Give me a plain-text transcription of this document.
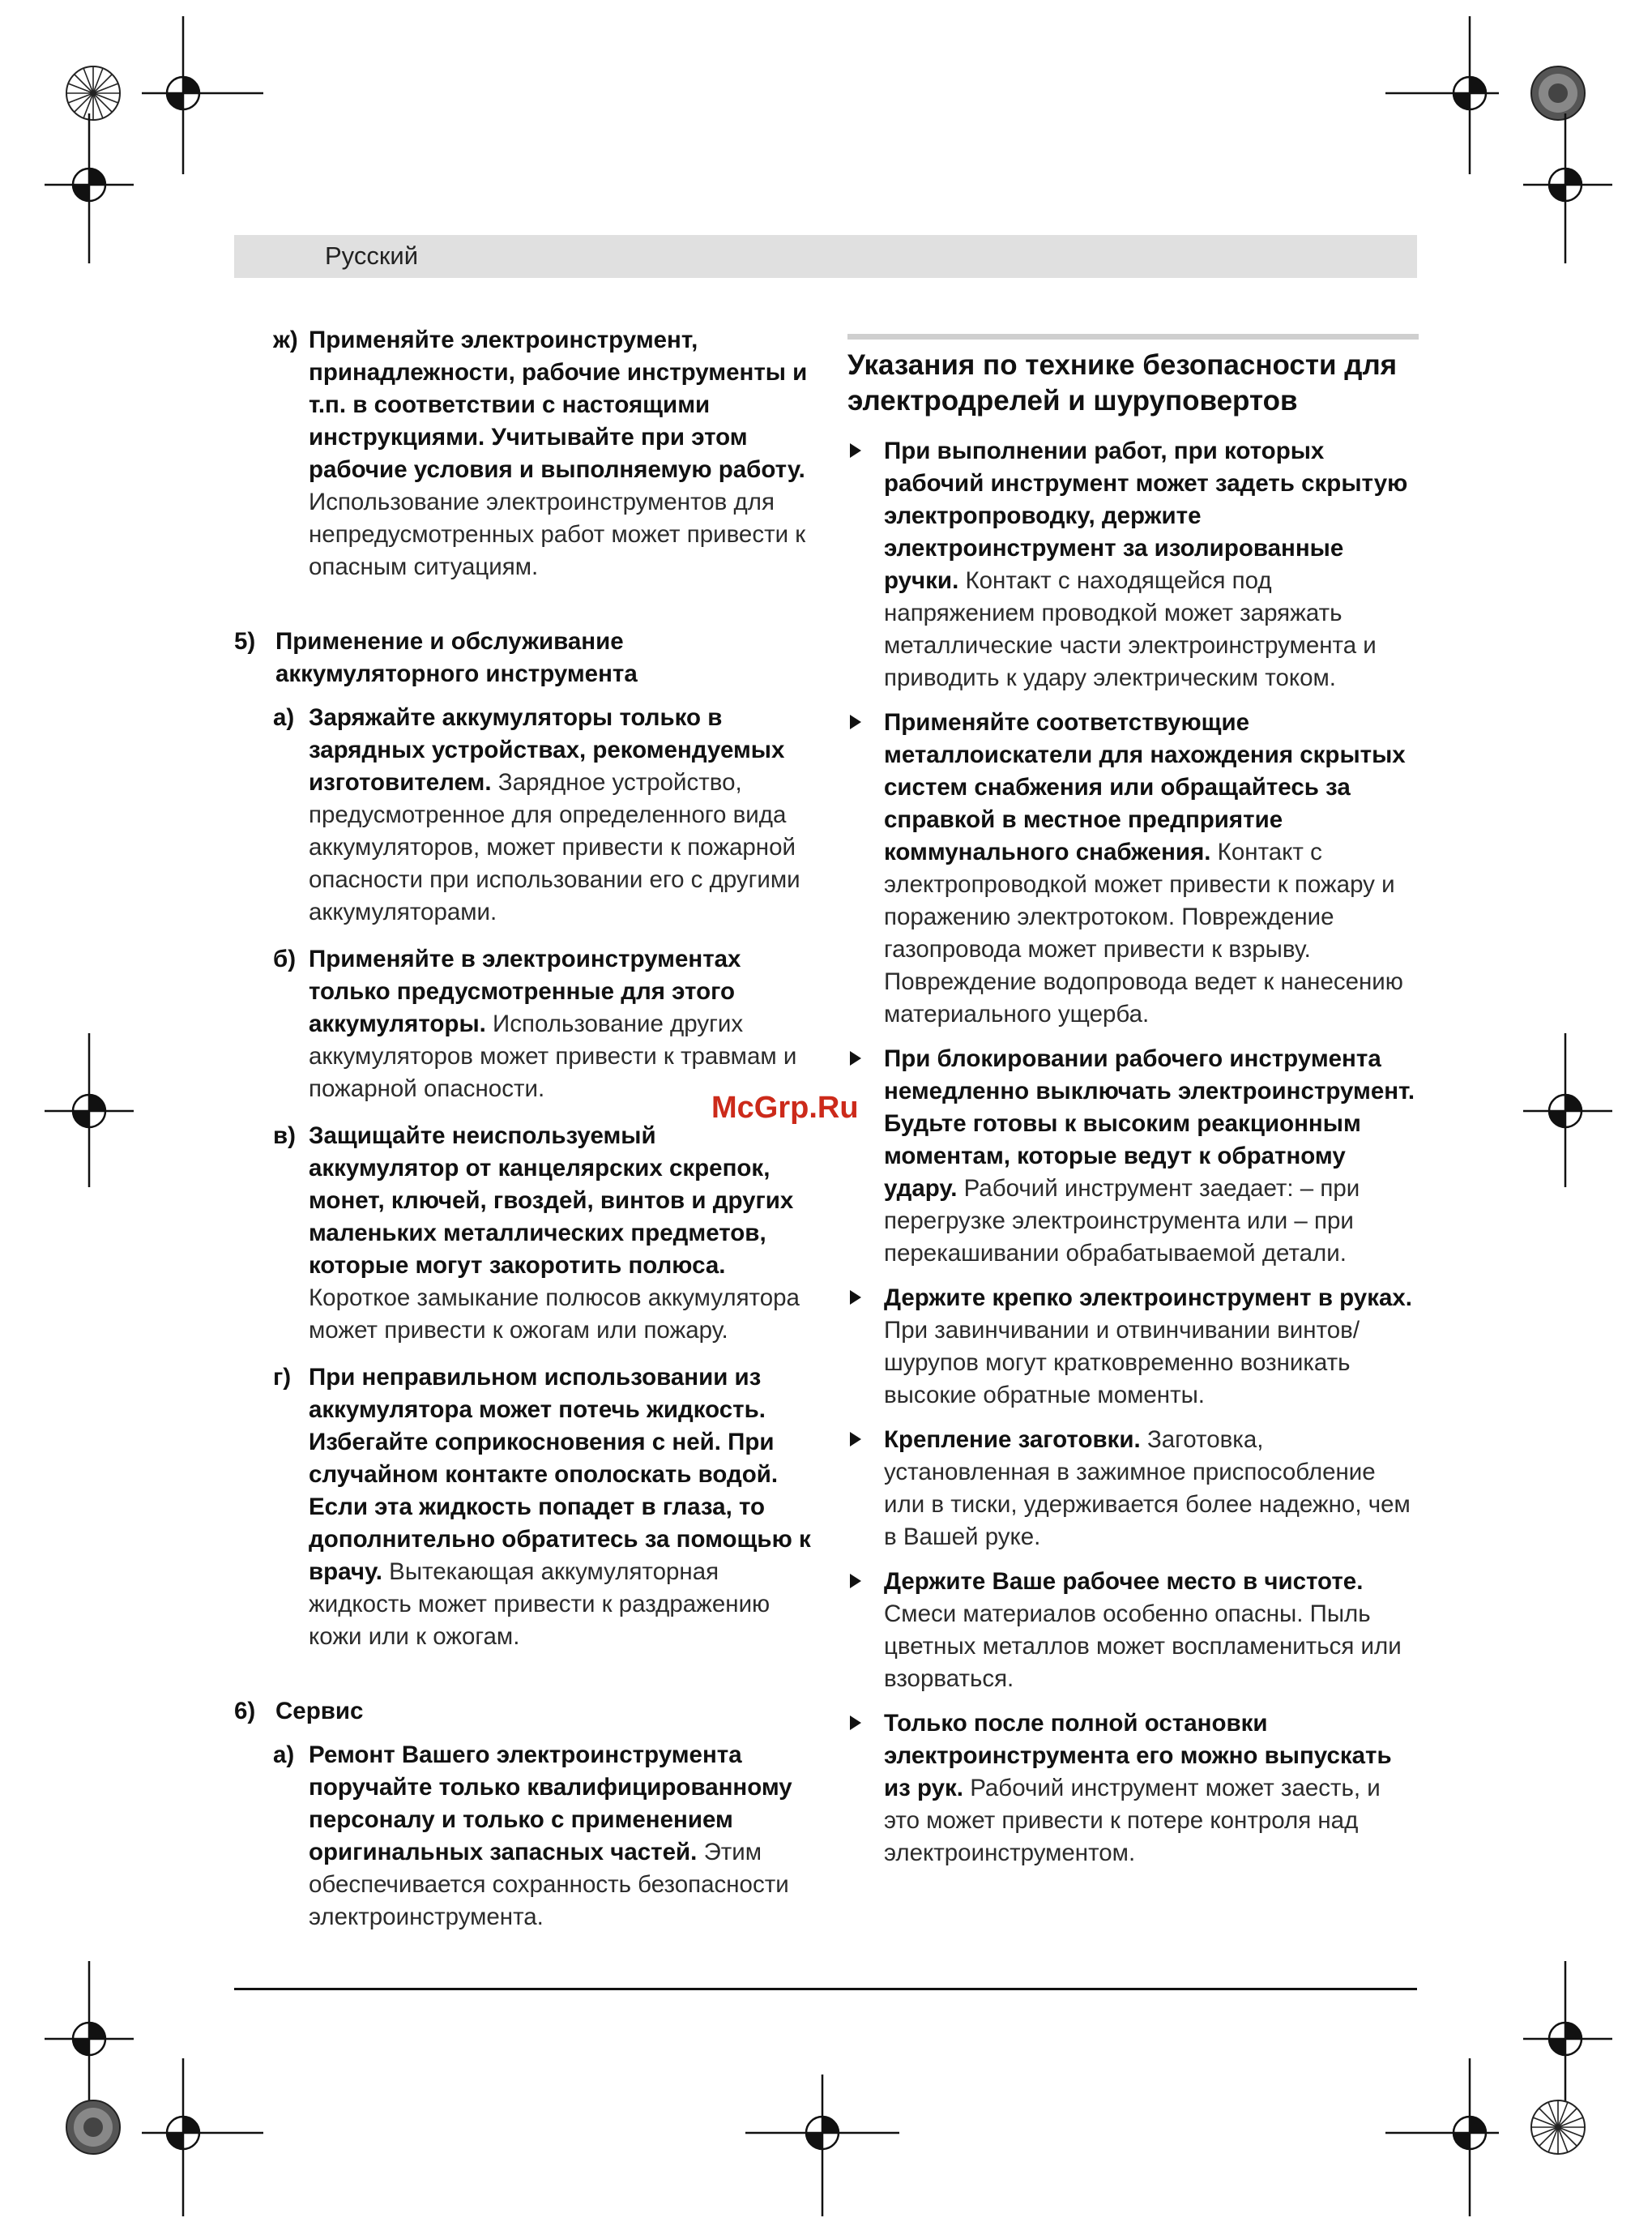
Русский
ж) Применяйте электроинструмент, принадлежности, рабочие инструменты и т.п. в соответствии с настоящими инструкциями. Учитывайте при этом рабочие условия и выполняемую работу. Использование электроинструментов для непредусмотренных работ может привести к опасным ситуациям.
5) Применение и обслуживание аккумуляторного инструмента
а) Заряжайте аккумуляторы только в зарядных устройствах, рекомендуемых изготовителем. Зарядное устройство, предусмотренное для определенного вида аккумуляторов, может привести к пожарной опасности при использовании его с другими аккумуляторами.
б) Применяйте в электроинструментах только предусмотренные для этого аккумуляторы. Использование других аккумуляторов может привести к травмам и пожарной опасности.
в) Защищайте неиспользуемый аккумулятор от канцелярских скрепок, монет, ключей, гвоздей, винтов и других маленьких металлических предметов, которые могут закоротить полюса. Короткое замыкание полюсов аккумулятора может привести к ожогам или пожару.
г) При неправильном использовании из аккумулятора может потечь жидкость. Избегайте соприкосновения с ней. При случайном контакте ополоскать водой. Если эта жидкость попадет в глаза, то дополнительно обратитесь за помощью к врачу. Вытекающая аккумуляторная жидкость может привести к раздражению кожи или к ожогам.
6) Сервис
а) Ремонт Вашего электроинструмента поручайте только квалифицированному персоналу и только с применением оригинальных запасных частей. Этим обеспечивается сохранность безопасности электроинструмента.
Указания по технике безопасности для электродрелей и шуруповертов
При выполнении работ, при которых рабочий инструмент может задеть скрытую электропроводку, держите электроинструмент за изолированные ручки. Контакт с находящейся под напряжением проводкой может заряжать металлические части электроинструмента и приводить к удару электрическим током.
Применяйте соответствующие металлоискатели для нахождения скрытых систем снабжения или обращайтесь за справкой в местное предприятие коммунального снабжения. Контакт с электропроводкой может привести к пожару и поражению электротоком. Повреждение газопровода может привести к взрыву. Повреждение водопровода ведет к нанесению материального ущерба.
При блокировании рабочего инструмента немедленно выключать электроинструмент. Будьте готовы к высоким реакционным моментам, которые ведут к обратному удару. Рабочий инструмент заедает: – при перегрузке электроинструмента или – при перекашивании обрабатываемой детали.
Держите крепко электроинструмент в руках. При завинчивании и отвинчивании винтов/шурупов могут кратковременно возникать высокие обратные моменты.
Крепление заготовки. Заготовка, установленная в зажимное приспособление или в тиски, удерживается более надежно, чем в Вашей руке.
Держите Ваше рабочее место в чистоте. Смеси материалов особенно опасны. Пыль цветных металлов может воспламениться или взорваться.
Только после полной остановки электроинструмента его можно выпускать из рук. Рабочий инструмент может заесть, и это может привести к потере контроля над электроинструментом.
McGrp.Ru
